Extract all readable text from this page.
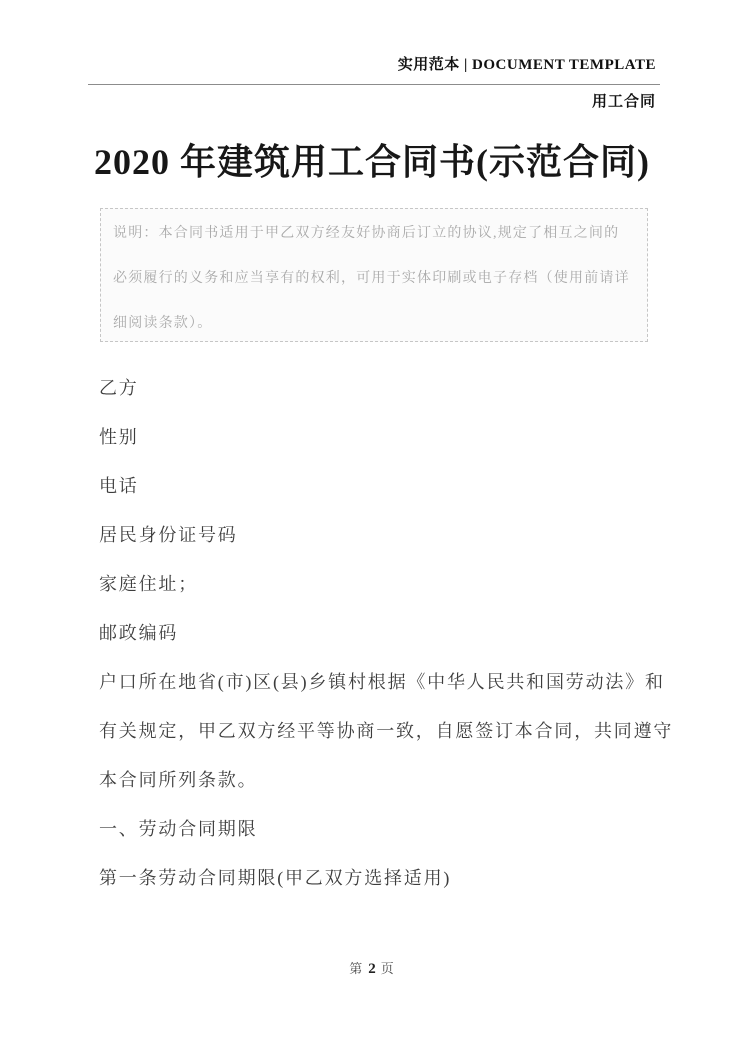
实用范本 | DOCUMENT TEMPLATE
用工合同
2020 年建筑用工合同书(示范合同)
说明：本合同书适用于甲乙双方经友好协商后订立的协议,规定了相互之间的
必须履行的义务和应当享有的权利，可用于实体印刷或电子存档（使用前请详
细阅读条款）。
乙方
性别
电话
居民身份证号码
家庭住址；
邮政编码
户口所在地省(市)区(县)乡镇村根据《中华人民共和国劳动法》和
有关规定，甲乙双方经平等协商一致，自愿签订本合同，共同遵守
本合同所列条款。
一、劳动合同期限
第一条劳动合同期限(甲乙双方选择适用)
第 2 页
